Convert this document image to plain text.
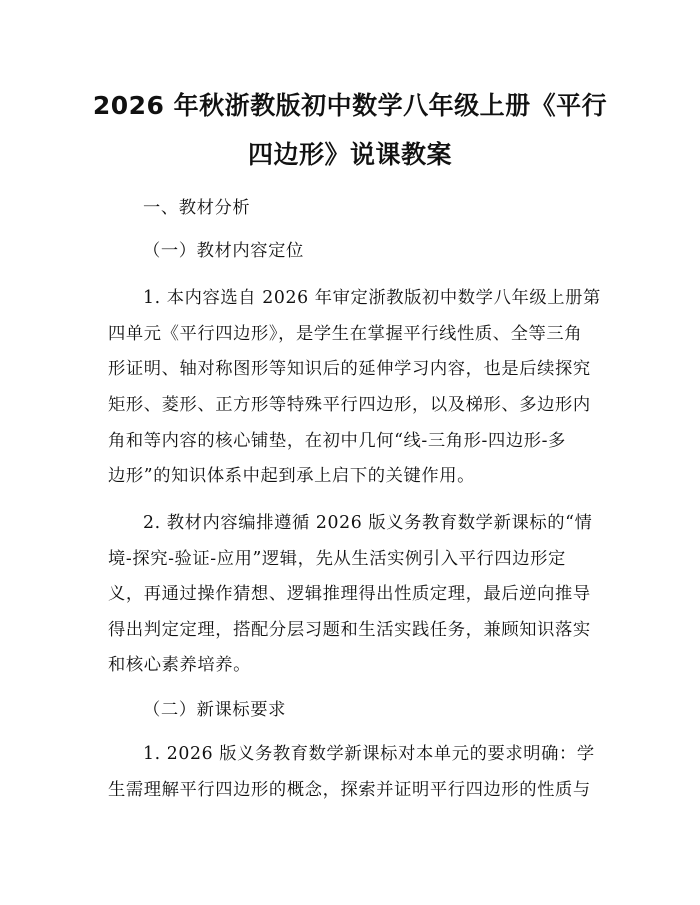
2026 年秋浙教版初中数学八年级上册《平行
四边形》说课教案
一、教材分析
（一）教材内容定位
1. 本内容选自 2026 年审定浙教版初中数学八年级上册第
四单元《平行四边形》，是学生在掌握平行线性质、全等三角
形证明、轴对称图形等知识后的延伸学习内容，也是后续探究
矩形、菱形、正方形等特殊平行四边形，以及梯形、多边形内
角和等内容的核心铺垫，在初中几何“线-三角形-四边形-多
边形”的知识体系中起到承上启下的关键作用。
2. 教材内容编排遵循 2026 版义务教育数学新课标的“情
境-探究-验证-应用”逻辑，先从生活实例引入平行四边形定
义，再通过操作猜想、逻辑推理得出性质定理，最后逆向推导
得出判定定理，搭配分层习题和生活实践任务，兼顾知识落实
和核心素养培养。
（二）新课标要求
1. 2026 版义务教育数学新课标对本单元的要求明确：学
生需理解平行四边形的概念，探索并证明平行四边形的性质与
